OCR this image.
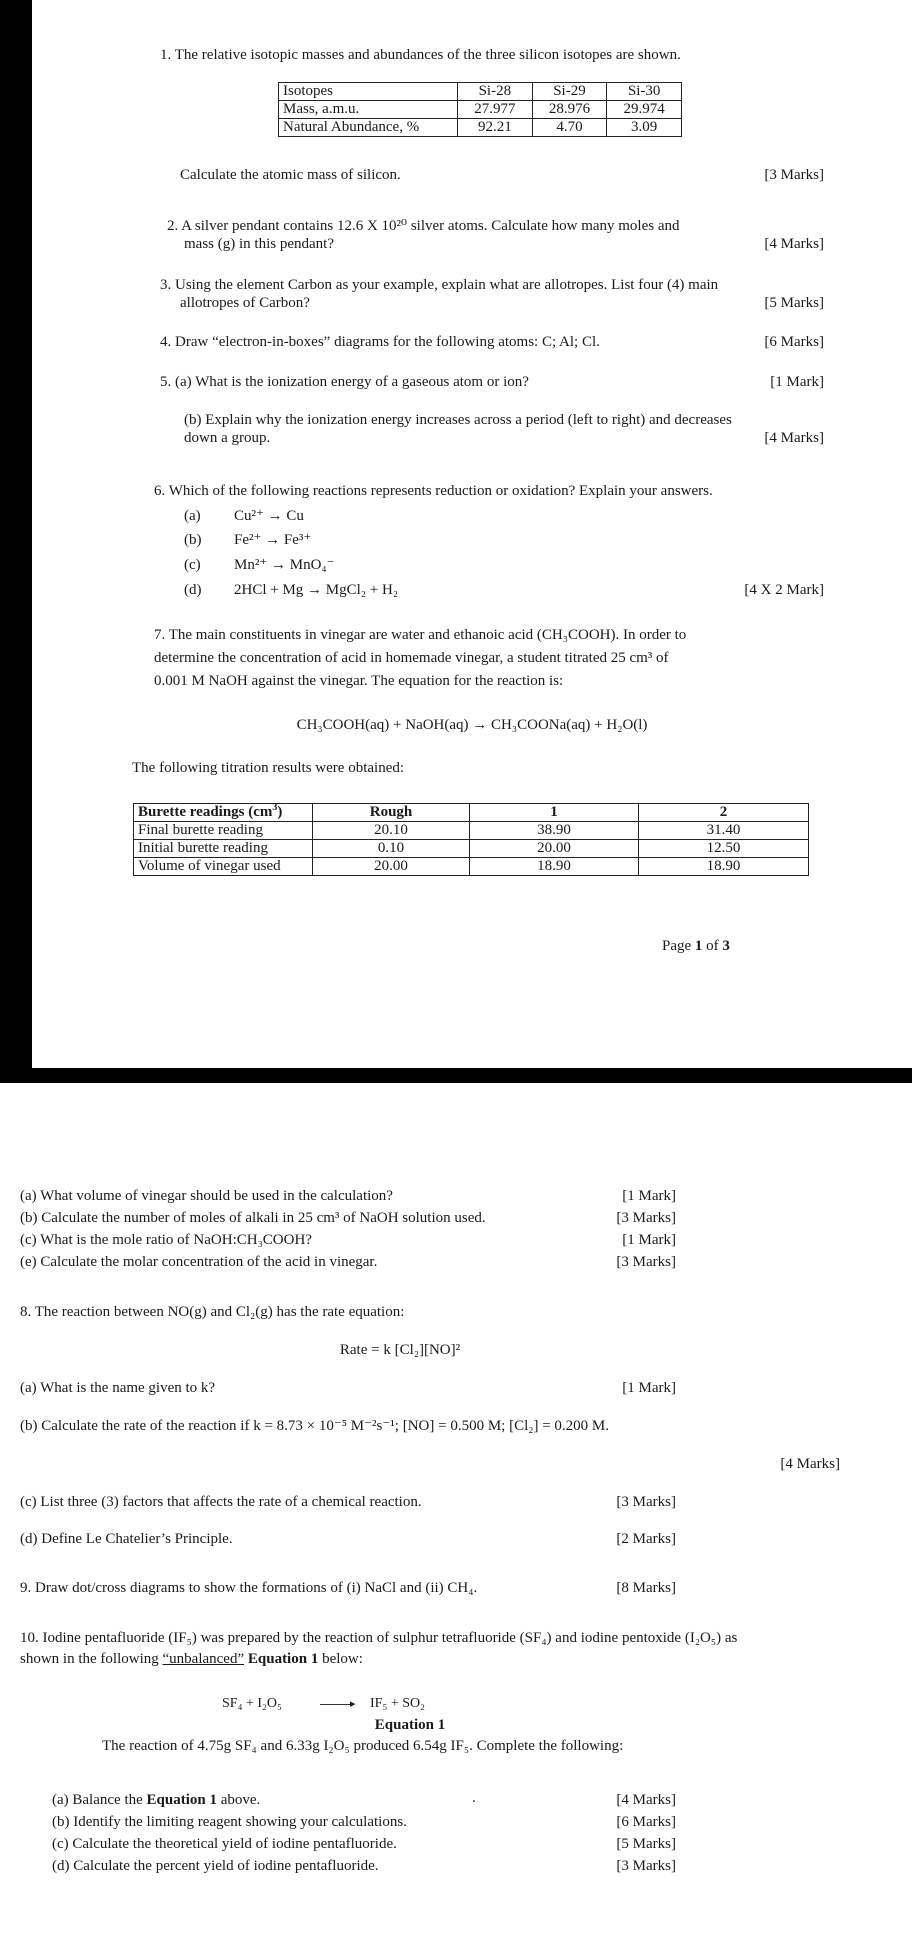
1. The relative isotopic masses and abundances of the three silicon isotopes are shown.
Isotopes	Si-28	Si-29	Si-30
Mass, a.m.u.	27.977	28.976	29.974
Natural Abundance, %	92.21	4.70	3.09
Calculate the atomic mass of silicon.	[3 Marks]
2. A silver pendant contains 12.6 X 10²⁰ silver atoms. Calculate how many moles and
mass (g) in this pendant?	[4 Marks]
3. Using the element Carbon as your example, explain what are allotropes. List four (4) main
allotropes of Carbon?	[5 Marks]
4. Draw “electron-in-boxes” diagrams for the following atoms: C; Al; Cl.	[6 Marks]
5. (a) What is the ionization energy of a gaseous atom or ion?	[1 Mark]
(b) Explain why the ionization energy increases across a period (left to right) and decreases
down a group.	[4 Marks]
6. Which of the following reactions represents reduction or oxidation? Explain your answers.
(a) Cu²⁺ → Cu
(b) Fe²⁺ → Fe³⁺
(c) Mn²⁺ → MnO₄⁻
(d) 2HCl + Mg → MgCl₂ + H₂	[4 X 2 Mark]
7. The main constituents in vinegar are water and ethanoic acid (CH₃COOH). In order to
determine the concentration of acid in homemade vinegar, a student titrated 25 cm³ of
0.001 M NaOH against the vinegar. The equation for the reaction is:
CH₃COOH(aq) + NaOH(aq) → CH₃COONa(aq) + H₂O(l)
The following titration results were obtained:
Burette readings $(cm^3)$	Rough	1	2
Final burette reading	20.10	38.90	31.40
Initial burette reading	0.10	20.00	12.50
Volume of vinegar used	20.00	18.90	18.90
Page 1 of 3
(a) What volume of vinegar should be used in the calculation?	[1 Mark]
(b) Calculate the number of moles of alkali in 25 cm³ of NaOH solution used.	[3 Marks]
(c) What is the mole ratio of NaOH:CH₃COOH?	[1 Mark]
(e) Calculate the molar concentration of the acid in vinegar.	[3 Marks]
8. The reaction between NO(g) and Cl₂(g) has the rate equation:
Rate = k [Cl₂][NO]²
(a) What is the name given to k?	[1 Mark]
(b) Calculate the rate of the reaction if k = 8.73 × 10⁻⁵ M⁻²s⁻¹; [NO] = 0.500 M; [Cl₂] = 0.200 M.
[4 Marks]
(c) List three (3) factors that affects the rate of a chemical reaction.	[3 Marks]
(d) Define Le Chatelier’s Principle.	[2 Marks]
9. Draw dot/cross diagrams to show the formations of (i) NaCl and (ii) CH₄.	[8 Marks]
10. Iodine pentafluoride (IF₅) was prepared by the reaction of sulphur tetrafluoride (SF₄) and iodine pentoxide (I₂O₅) as
shown in the following “unbalanced” Equation 1 below:
SF₄ + I₂O₅	▸ IF₅ + SO₂
Equation 1
The reaction of 4.75g SF₄ and 6.33g I₂O₅ produced 6.54g IF₅. Complete the following:
(a) Balance the Equation 1 above.	.	[4 Marks]
(b) Identify the limiting reagent showing your calculations.	[6 Marks]
(c) Calculate the theoretical yield of iodine pentafluoride.	[5 Marks]
(d) Calculate the percent yield of iodine pentafluoride.	[3 Marks]
